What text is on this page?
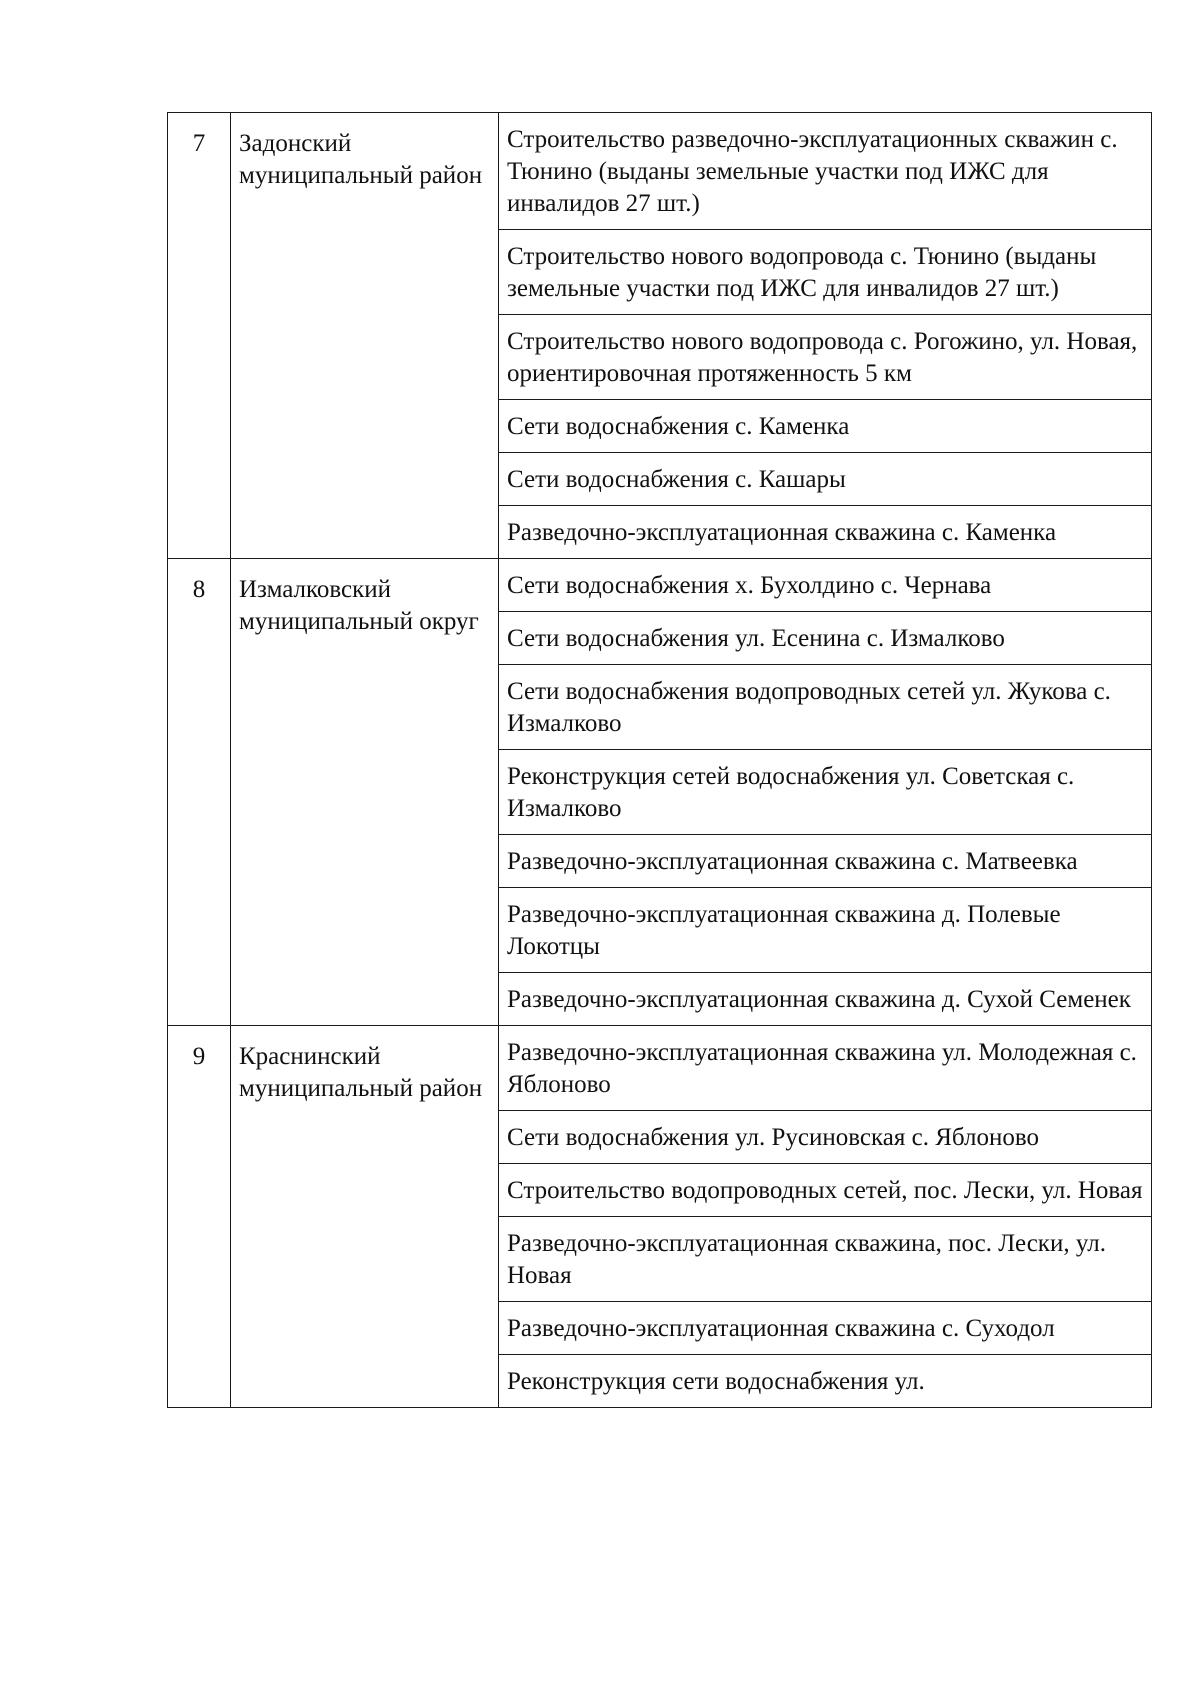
7	Задонский муниципальный район	Строительство разведочно-эксплуатационных скважин с. Тюнино (выданы земельные участки под ИЖС для инвалидов 27 шт.)
		Строительство нового водопровода с. Тюнино (выданы земельные участки под ИЖС для инвалидов 27 шт.)
		Строительство нового водопровода с. Рогожино, ул. Новая, ориентировочная протяженность 5 км
		Сети водоснабжения с. Каменка
		Сети водоснабжения с. Кашары
		Разведочно-эксплуатационная скважина с. Каменка

8	Измалковский муниципальный округ	Сети водоснабжения х. Бухолдино с. Чернава
		Сети водоснабжения ул. Есенина с. Измалково
		Сети водоснабжения водопроводных сетей ул. Жукова с. Измалково
		Реконструкция сетей водоснабжения ул. Советская с. Измалково
		Разведочно-эксплуатационная скважина с. Матвеевка
		Разведочно-эксплуатационная скважина д. Полевые Локотцы
		Разведочно-эксплуатационная скважина д. Сухой Семенек

9	Краснинский муниципальный район	Разведочно-эксплуатационная скважина ул. Молодежная с. Яблоново
		Сети водоснабжения ул. Русиновская с. Яблоново
		Строительство водопроводных сетей, пос. Лески, ул. Новая
		Разведочно-эксплуатационная скважина, пос. Лески, ул. Новая
		Разведочно-эксплуатационная скважина с. Суходол
		Реконструкция сети водоснабжения ул.
